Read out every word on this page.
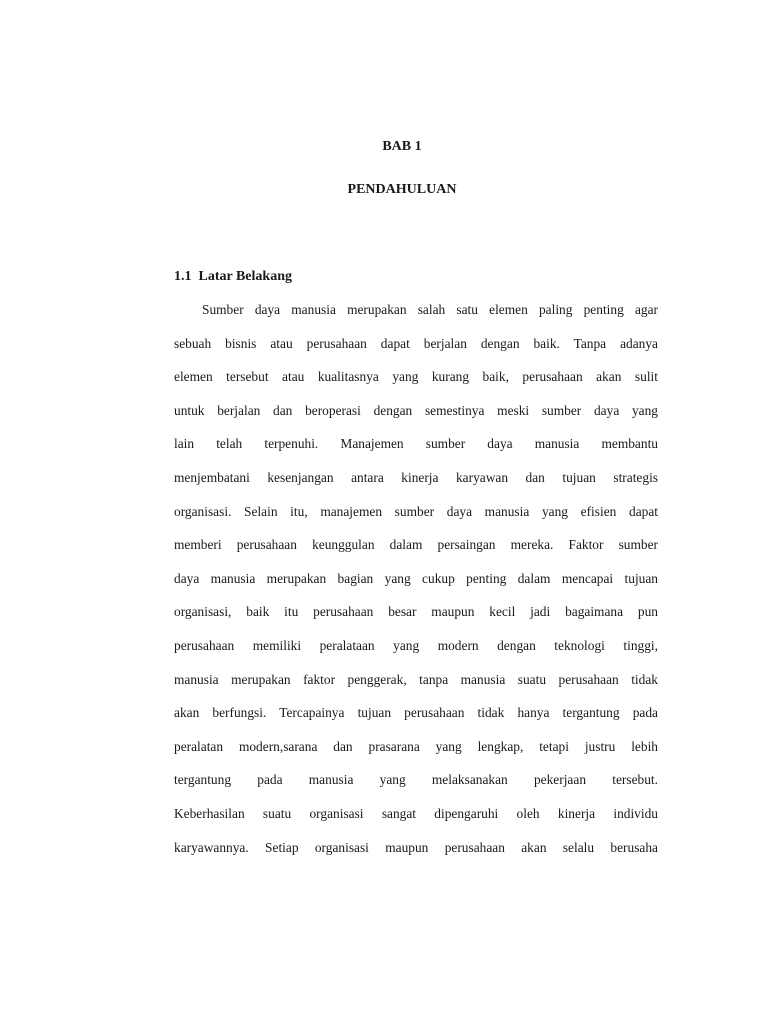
BAB 1
PENDAHULUAN
1.1  Latar Belakang
Sumber daya manusia merupakan salah satu elemen paling penting agar
sebuah bisnis atau perusahaan dapat berjalan dengan baik. Tanpa adanya
elemen tersebut atau kualitasnya yang kurang baik, perusahaan akan sulit
untuk berjalan dan beroperasi dengan semestinya meski sumber daya yang
lain telah terpenuhi. Manajemen sumber daya manusia membantu
menjembatani kesenjangan antara kinerja karyawan dan tujuan strategis
organisasi. Selain itu, manajemen sumber daya manusia yang efisien dapat
memberi perusahaan keunggulan dalam persaingan mereka. Faktor sumber
daya manusia merupakan bagian yang cukup penting dalam mencapai tujuan
organisasi, baik itu perusahaan besar maupun kecil jadi bagaimana pun
perusahaan memiliki peralataan yang modern dengan teknologi tinggi,
manusia merupakan faktor penggerak, tanpa manusia suatu perusahaan tidak
akan berfungsi. Tercapainya tujuan perusahaan tidak hanya tergantung pada
peralatan modern,sarana dan prasarana yang lengkap, tetapi justru lebih
tergantung pada manusia yang melaksanakan pekerjaan tersebut.
Keberhasilan suatu organisasi sangat dipengaruhi oleh kinerja individu
karyawannya. Setiap organisasi maupun perusahaan akan selalu berusaha
